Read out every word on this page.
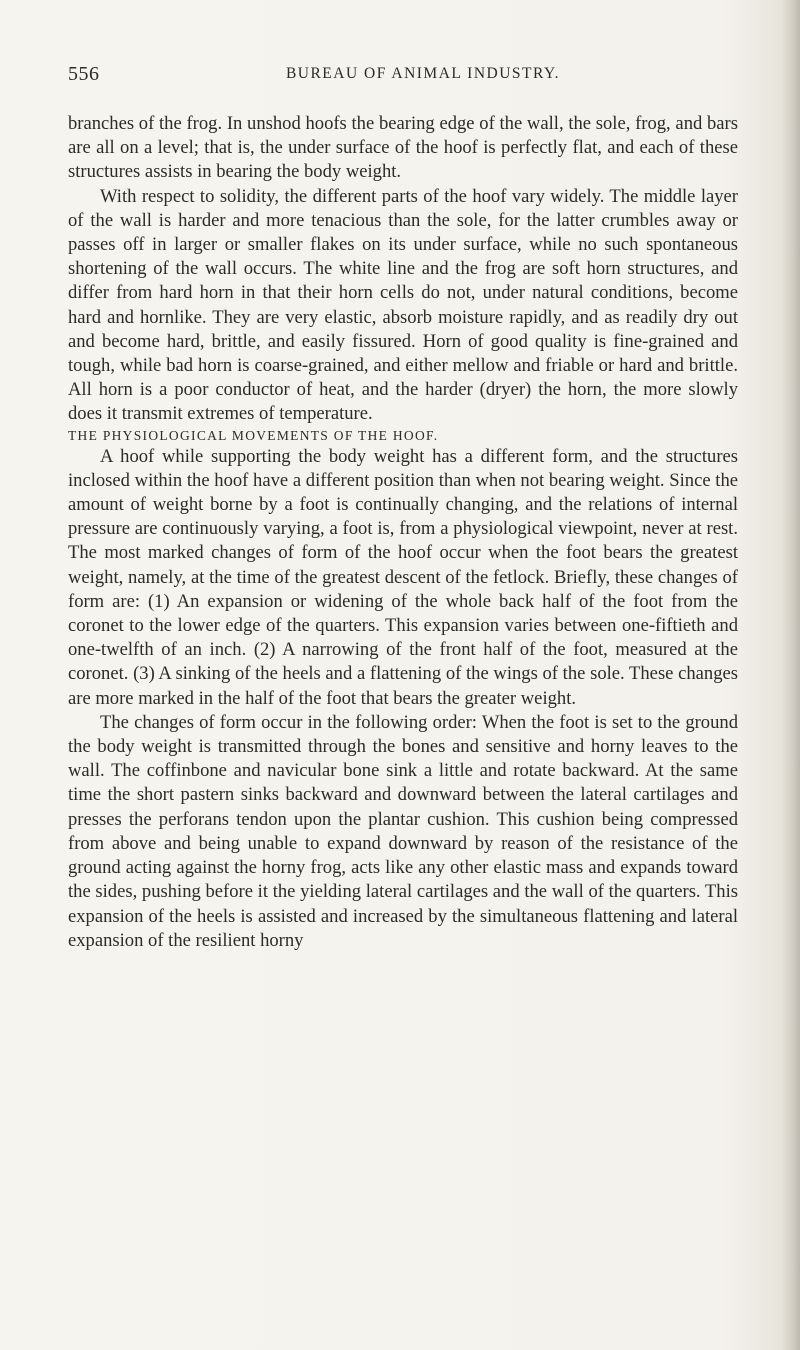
556	BUREAU OF ANIMAL INDUSTRY.

branches of the frog. In unshod hoofs the bearing edge of the wall, the sole, frog, and bars are all on a level; that is, the under surface of the hoof is perfectly flat, and each of these structures assists in bearing the body weight.

With respect to solidity, the different parts of the hoof vary widely. The middle layer of the wall is harder and more tenacious than the sole, for the latter crumbles away or passes off in larger or smaller flakes on its under surface, while no such spontaneous shortening of the wall occurs. The white line and the frog are soft horn structures, and differ from hard horn in that their horn cells do not, under natural conditions, become hard and hornlike. They are very elastic, absorb moisture rapidly, and as readily dry out and become hard, brittle, and easily fissured. Horn of good quality is fine-grained and tough, while bad horn is coarse-grained, and either mellow and friable or hard and brittle. All horn is a poor conductor of heat, and the harder (dryer) the horn, the more slowly does it transmit extremes of temperature.

THE PHYSIOLOGICAL MOVEMENTS OF THE HOOF.

A hoof while supporting the body weight has a different form, and the structures inclosed within the hoof have a different position than when not bearing weight. Since the amount of weight borne by a foot is continually changing, and the relations of internal pressure are continuously varying, a foot is, from a physiological viewpoint, never at rest. The most marked changes of form of the hoof occur when the foot bears the greatest weight, namely, at the time of the greatest descent of the fetlock. Briefly, these changes of form are: (1) An expansion or widening of the whole back half of the foot from the coronet to the lower edge of the quarters. This expansion varies between one-fiftieth and one-twelfth of an inch. (2) A narrowing of the front half of the foot, measured at the coronet. (3) A sinking of the heels and a flattening of the wings of the sole. These changes are more marked in the half of the foot that bears the greater weight.

The changes of form occur in the following order: When the foot is set to the ground the body weight is transmitted through the bones and sensitive and horny leaves to the wall. The coffinbone and navicular bone sink a little and rotate backward. At the same time the short pastern sinks backward and downward between the lateral cartilages and presses the perforans tendon upon the plantar cushion. This cushion being compressed from above and being unable to expand downward by reason of the resistance of the ground acting against the horny frog, acts like any other elastic mass and expands toward the sides, pushing before it the yielding lateral cartilages and the wall of the quarters. This expansion of the heels is assisted and increased by the simultaneous flattening and lateral expansion of the resilient horny
